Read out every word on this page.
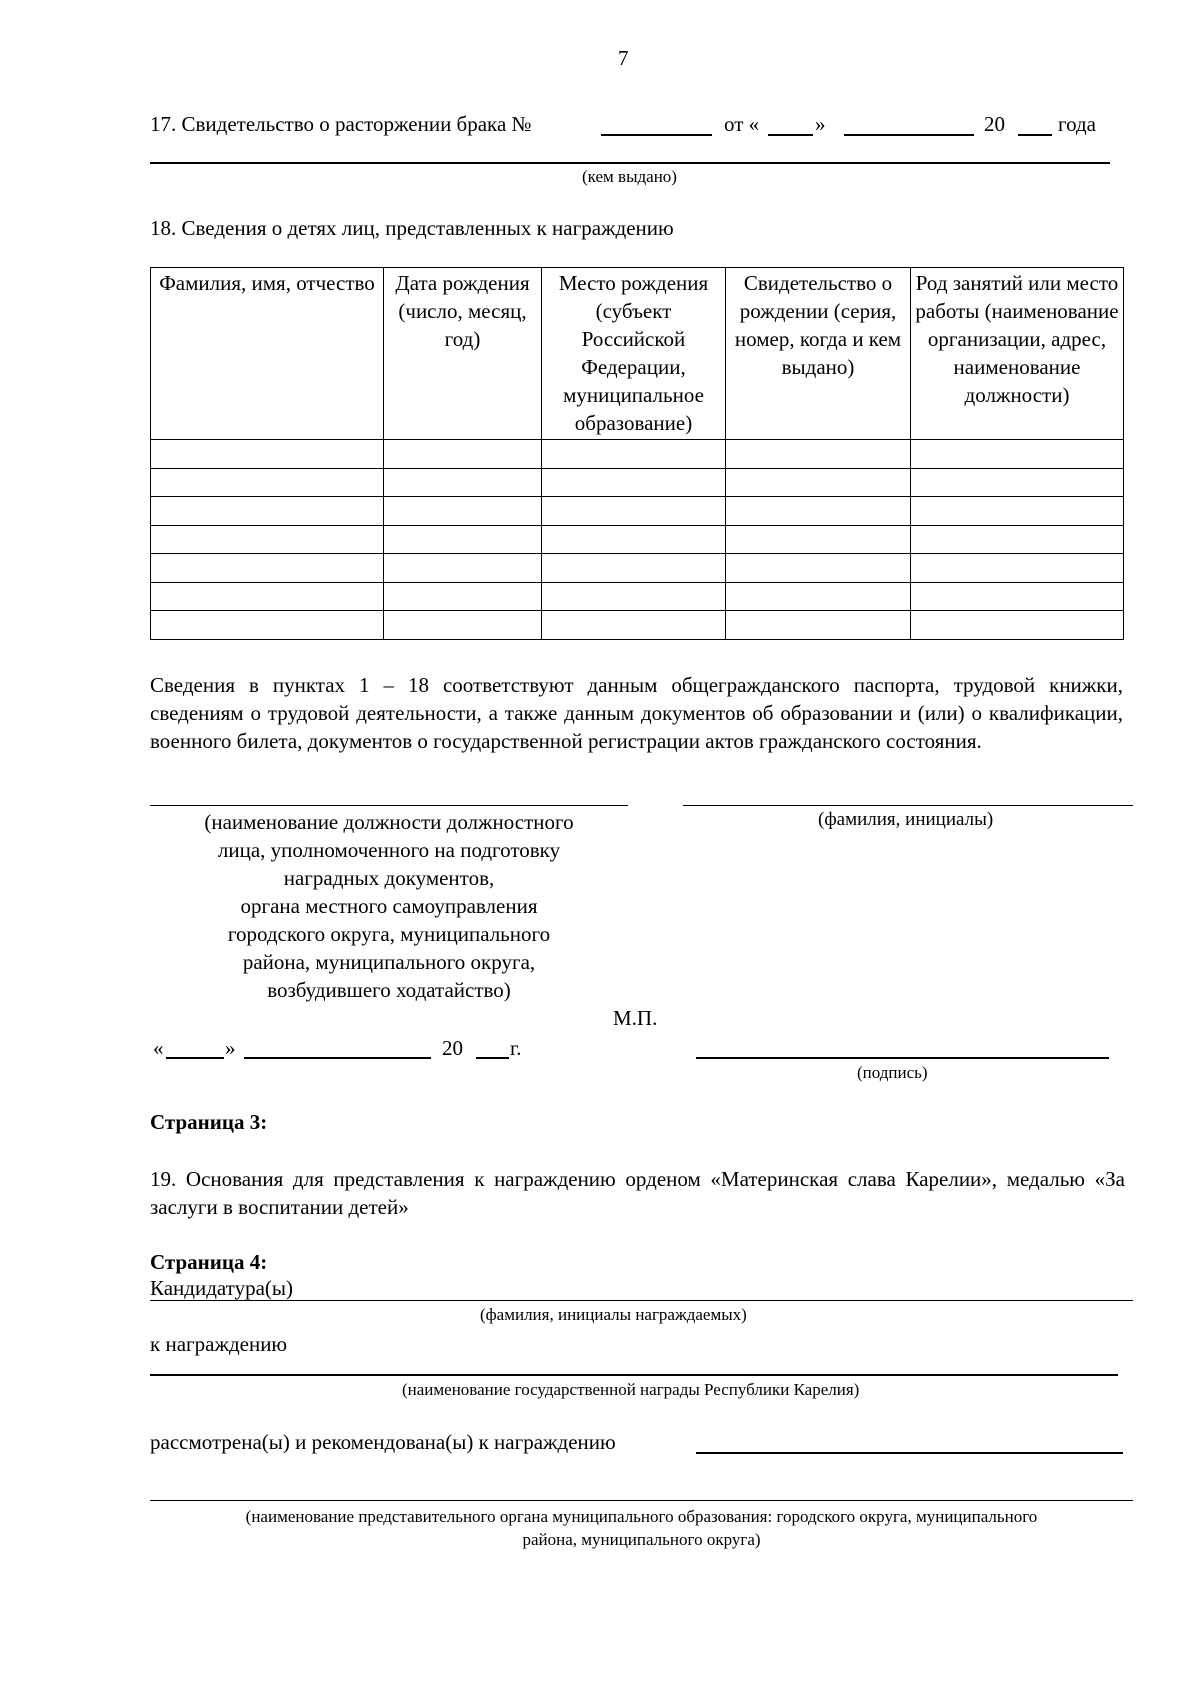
7
17. Свидетельство о расторжении брака №	от «	»	20	года
(кем выдано)
18. Сведения о детях лиц, представленных к награждению
Фамилия, имя, отчество	Дата рождения (число, месяц, год)	Место рождения (субъект Российской Федерации, муниципальное образование)	Свидетельство о рождении (серия, номер, когда и кем выдано)	Род занятий или место работы (наименование организации, адрес, наименование должности)

Сведения в пунктах 1 – 18 соответствуют данным общегражданского паспорта, трудовой книжки, сведениям о трудовой деятельности, а также данным документов об образовании и (или) о квалификации, военного билета, документов о государственной регистрации актов гражданского состояния.
(наименование должности должностного
лица, уполномоченного на подготовку
наградных документов,
органа местного самоуправления
городского округа, муниципального
района, муниципального округа,
возбудившего ходатайство)
(фамилия, инициалы)
М.П.
«	»	20 г.
(подпись)
Страница 3:
19. Основания для представления к награждению орденом «Материнская слава Карелии», медалью «За заслуги в воспитании детей»
Страница 4:
Кандидатура(ы)
(фамилия, инициалы награждаемых)
к награждению
(наименование государственной награды Республики Карелия)
рассмотрена(ы) и рекомендована(ы) к награждению
(наименование представительного органа муниципального образования: городского округа, муниципального
района, муниципального округа)
